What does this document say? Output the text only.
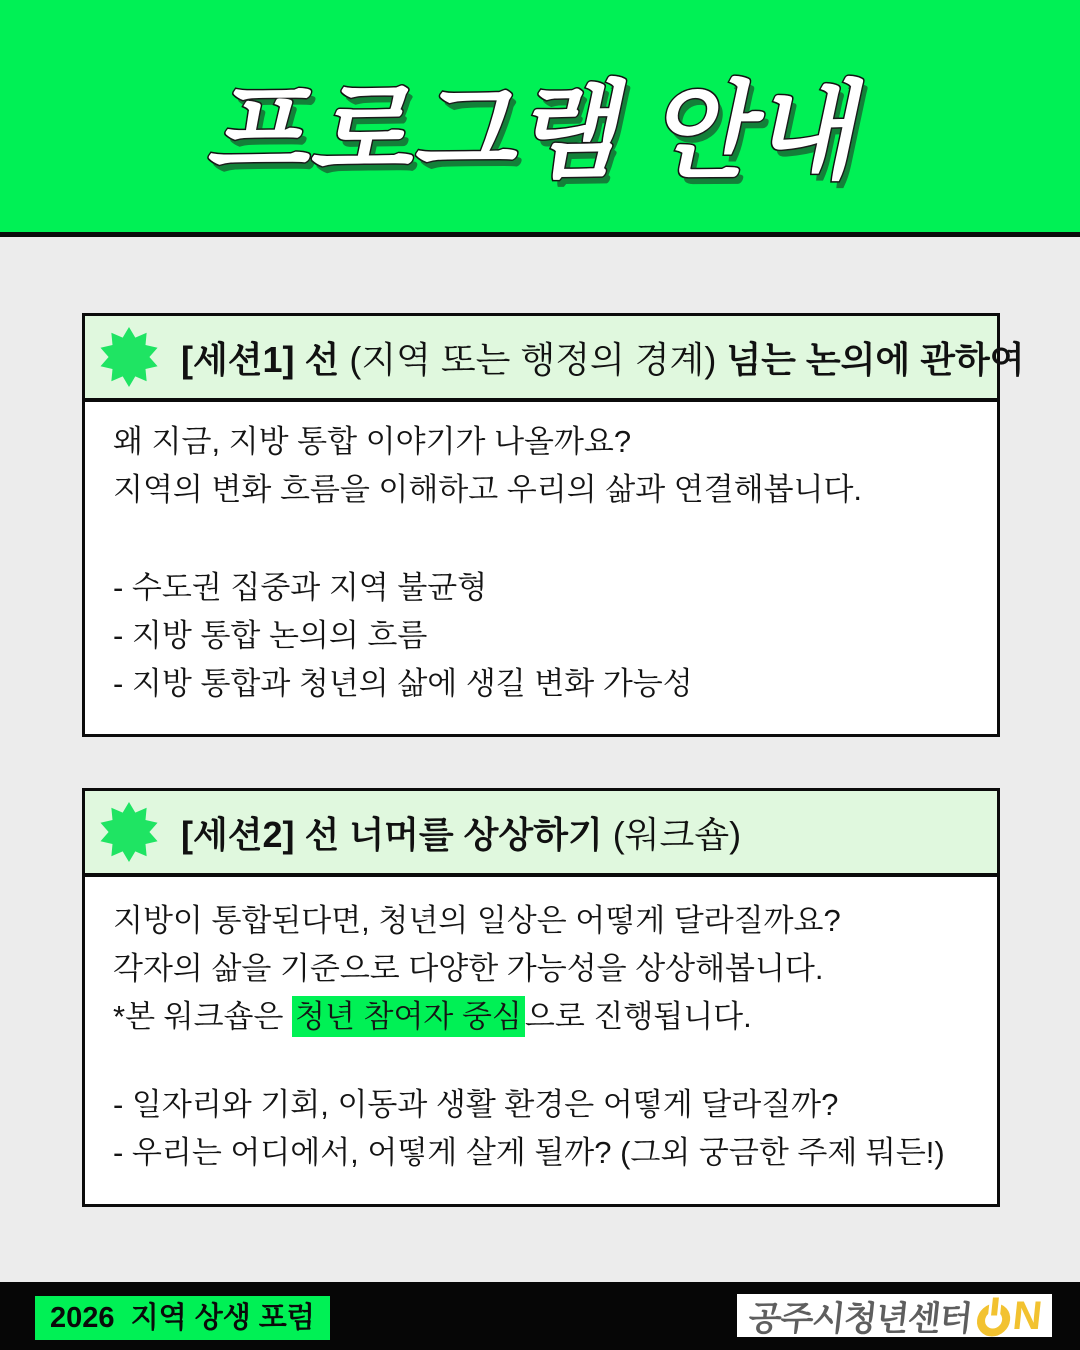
프로그램 안내
[세션1] 선 (지역 또는 행정의 경계) 넘는 논의에 관하여
왜 지금, 지방 통합 이야기가 나올까요?
지역의 변화 흐름을 이해하고 우리의 삶과 연결해봅니다.
- 수도권 집중과 지역 불균형
- 지방 통합 논의의 흐름
- 지방 통합과 청년의 삶에 생길 변화 가능성
[세션2] 선 너머를 상상하기 (워크숍)
지방이 통합된다면, 청년의 일상은 어떻게 달라질까요?
각자의 삶을 기준으로 다양한 가능성을 상상해봅니다.
*본 워크숍은 청년 참여자 중심으로 진행됩니다.
- 일자리와 기회, 이동과 생활 환경은 어떻게 달라질까?
- 우리는 어디에서, 어떻게 살게 될까? (그외 궁금한 주제 뭐든!)
2026  지역 상생 포럼	공주시청년센터 N
